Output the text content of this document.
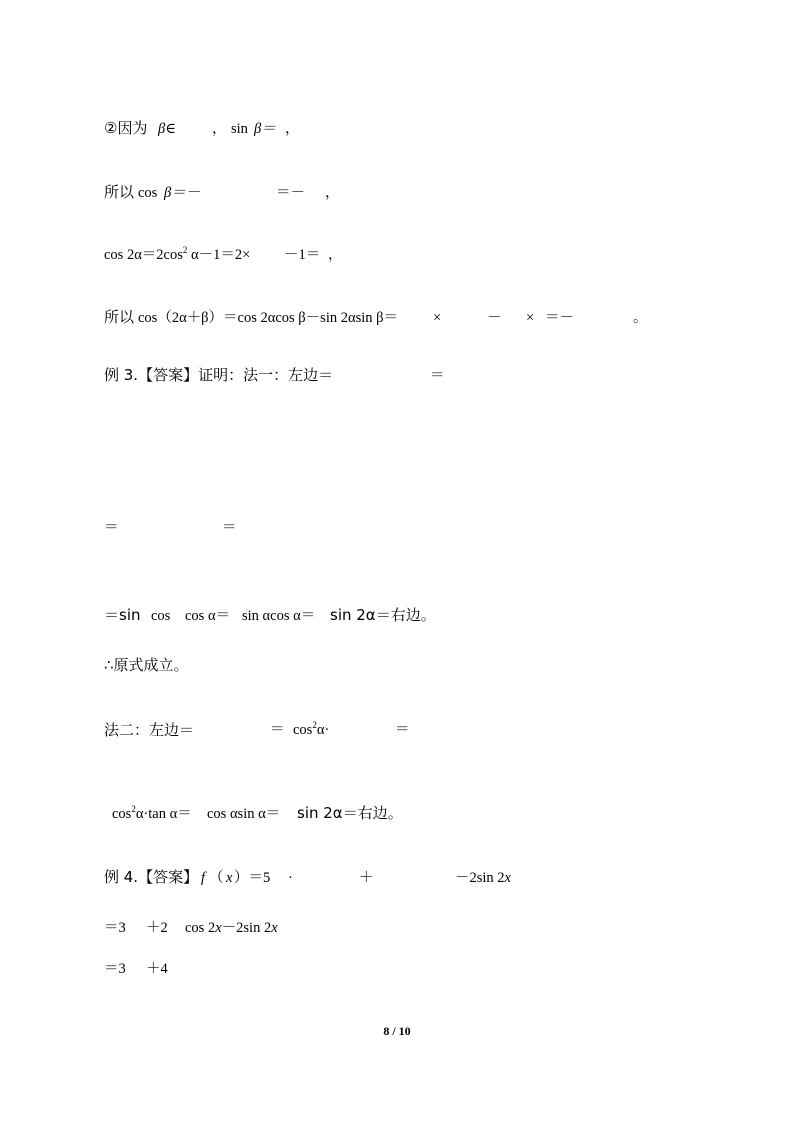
②因为 β∈ ， sin β＝ ，
所以 cos β＝－	＝－ ，
$\cos 2\alpha=2\cos^2$ α－1＝2× －1＝ ，
所以 cos（2α＋β）＝cos 2αcos β－sin 2αsin β＝ ×	－ × ＝－	。
例 3.【答案】证明：法一：左边＝	＝
＝	＝
＝sin cos cos α＝ sin αcos α＝ sin 2α＝右边。
∴原式成立。
法二：左边＝	＝ $\cos^2\alpha\cdot$	＝
$\cos^2\alpha\cdot\tan$ α＝ cos αsin α＝ sin 2α＝右边。
例 4.【答案】 f （ x ）＝5 ·	＋	－2sin 2x
＝3 ＋2 cos 2x－2sin 2x
＝3 ＋4
8 / 10
